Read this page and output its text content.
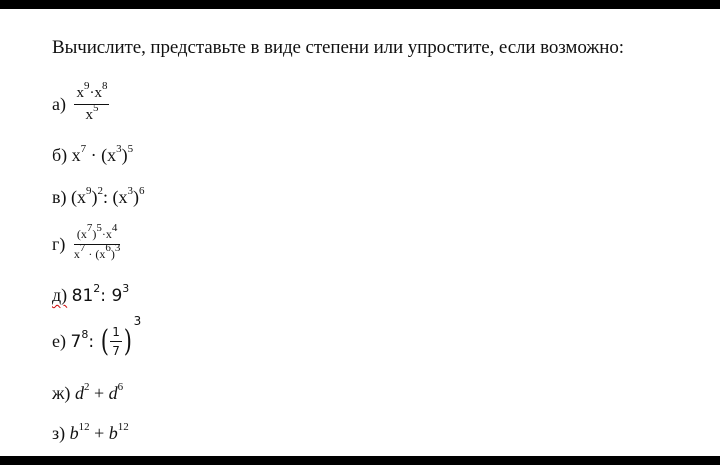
Вычислите, представьте в виде степени или упростите, если возможно:
$а) \frac{x^9\cdot x^8}{x^5}$
б) $x^7 \cdot (x^3)^5$
в) $(x^9)^2$: $(x^3)^6$
$г) \frac{(x^7)^5\cdot x^4}{x^7 \cdot (x^6)^3}$
д) $81^2$: $9^3$
е) $7^8$: ( $\frac{1}{7} )^3$
ж) $d^2 + d^6$
з) $b^{12} + b^{12}$
